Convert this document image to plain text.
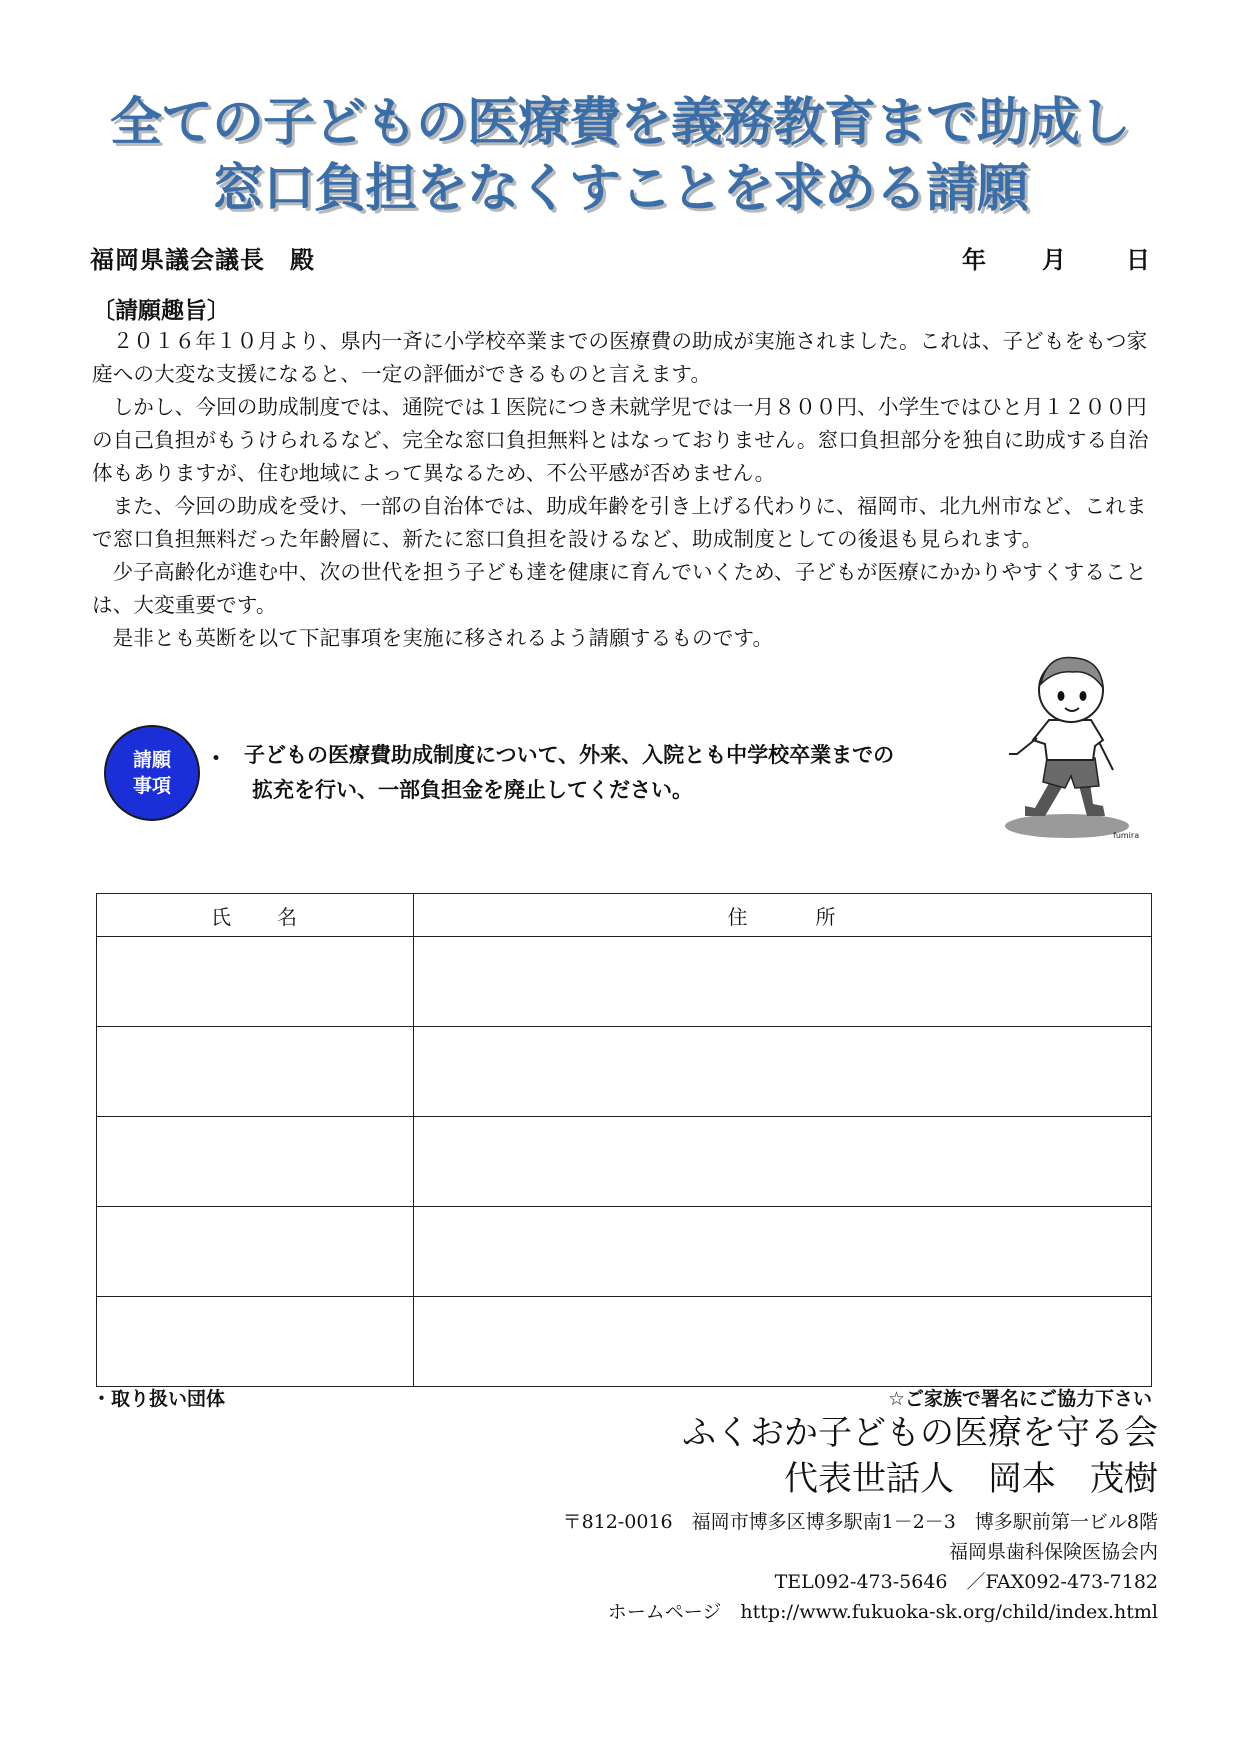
全ての子どもの医療費を義務教育まで助成し
窓口負担をなくすことを求める請願
福岡県議会議長　殿	年 月	日
〔請願趣旨〕

２０１６年１０月より、県内一斉に小学校卒業までの医療費の助成が実施されました。これは、子どもをもつ家庭への大変な支援になると、一定の評価ができるものと言えます。

しかし、今回の助成制度では、通院では１医院につき未就学児では一月８００円、小学生ではひと月１２００円の自己負担がもうけられるなど、完全な窓口負担無料とはなっておりません。窓口負担部分を独自に助成する自治体もありますが、住む地域によって異なるため、不公平感が否めません。

また、今回の助成を受け、一部の自治体では、助成年齢を引き上げる代わりに、福岡市、北九州市など、これまで窓口負担無料だった年齢層に、新たに窓口負担を設けるなど、助成制度としての後退も見られます。

少子高齢化が進む中、次の世代を担う子ども達を健康に育んでいくため、子どもが医療にかかりやすくすることは、大変重要です。

是非とも英断を以て下記事項を実施に移されるよう請願するものです。

請願
事項
・ 子どもの医療費助成制度について、外来、入院とも中学校卒業までの
拡充を行い、一部負担金を廃止してください。
fumira
氏　　名	住　　　所

・取り扱い団体	☆ご家族で署名にご協力下さい
ふくおか子どもの医療を守る会
代表世話人　岡本　茂樹
〒812-0016　福岡市博多区博多駅南1－2－3　博多駅前第一ビル8階
福岡県歯科保険医協会内
TEL092-473-5646　／FAX092-473-7182
ホームページ　http://www.fukuoka-sk.org/child/index.html
